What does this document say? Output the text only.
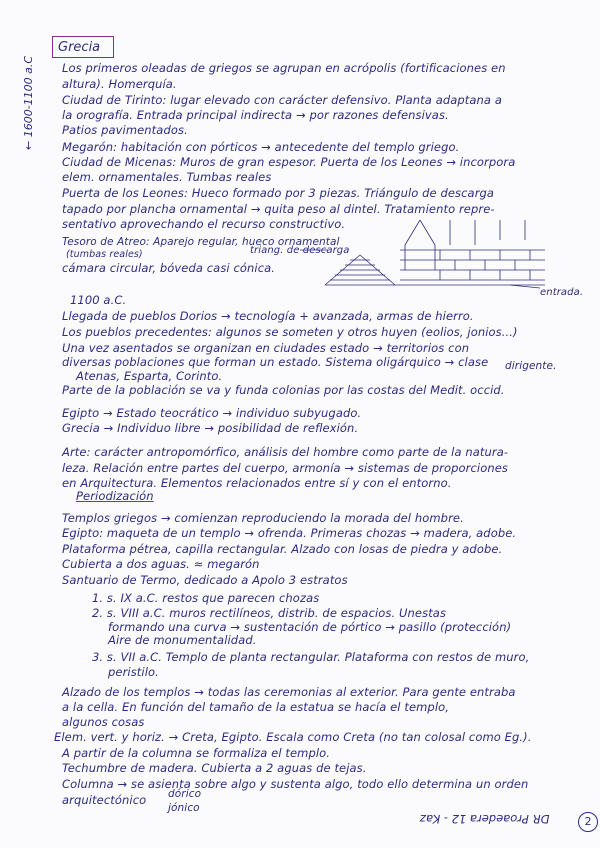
Grecia
← 1600-1100 a.C Los primeros oleadas de griegos se agrupan en acrópolis (fortificaciones en
altura). Homerquía.
Ciudad de Tirinto: lugar elevado con carácter defensivo. Planta adaptana a
la orografía. Entrada principal indirecta → por razones defensivas.
Patios pavimentados.
Megarón: habitación con pórticos → antecedente del templo griego.
Ciudad de Micenas: Muros de gran espesor. Puerta de los Leones → incorpora
elem. ornamentales. Tumbas reales
Puerta de los Leones: Hueco formado por 3 piezas. Triángulo de descarga
tapado por plancha ornamental → quita peso al dintel. Tratamiento repre-
sentativo aprovechando el recurso constructivo.
Tesoro de Atreo: Aparejo regular, hueco ornamental
(tumbas reales)	triang. de descarga
cámara circular, bóveda casi cónica.
entrada.
1100 a.C.
Llegada de pueblos Dorios → tecnología + avanzada, armas de hierro.
Los pueblos precedentes: algunos se someten y otros huyen (eolios, jonios...)
Una vez asentados se organizan en ciudades estado → territorios con
diversas poblaciones que forman un estado. Sistema oligárquico → clase dirigente.
Atenas, Esparta, Corinto.
Parte de la población se va y funda colonias por las costas del Medit. occid.
Egipto → Estado teocrático → individuo subyugado.
Grecia → Individuo libre → posibilidad de reflexión.
Arte: carácter antropomórfico, análisis del hombre como parte de la natura-
leza. Relación entre partes del cuerpo, armonía → sistemas de proporciones
en Arquitectura. Elementos relacionados entre sí y con el entorno.
Periodización
Templos griegos → comienzan reproduciendo la morada del hombre.
Egipto: maqueta de un templo → ofrenda. Primeras chozas → madera, adobe.
Plataforma pétrea, capilla rectangular. Alzado con losas de piedra y adobe.
Cubierta a dos aguas. ≈ megarón
Santuario de Termo, dedicado a Apolo 3 estratos
1. s. IX a.C. restos que parecen chozas
2. s. VIII a.C. muros rectilíneos, distrib. de espacios. Unestas
formando una curva → sustentación de pórtico → pasillo (protección)
Aire de monumentalidad.
3. s. VII a.C. Templo de planta rectangular. Plataforma con restos de muro,
peristilo.
Alzado de los templos → todas las ceremonias al exterior. Para gente entraba
a la cella. En función del tamaño de la estatua se hacía el templo,
algunos cosas
Elem. vert. y horiz. → Creta, Egipto. Escala como Creta (no tan colosal como Eg.).
A partir de la columna se formaliza el templo.
Techumbre de madera. Cubierta a 2 aguas de tejas.
Columna → se asienta sobre algo y sustenta algo, todo ello determina un orden
arquitectónico dórico
jónico
DR Proaedera 12 - Kaz	2
